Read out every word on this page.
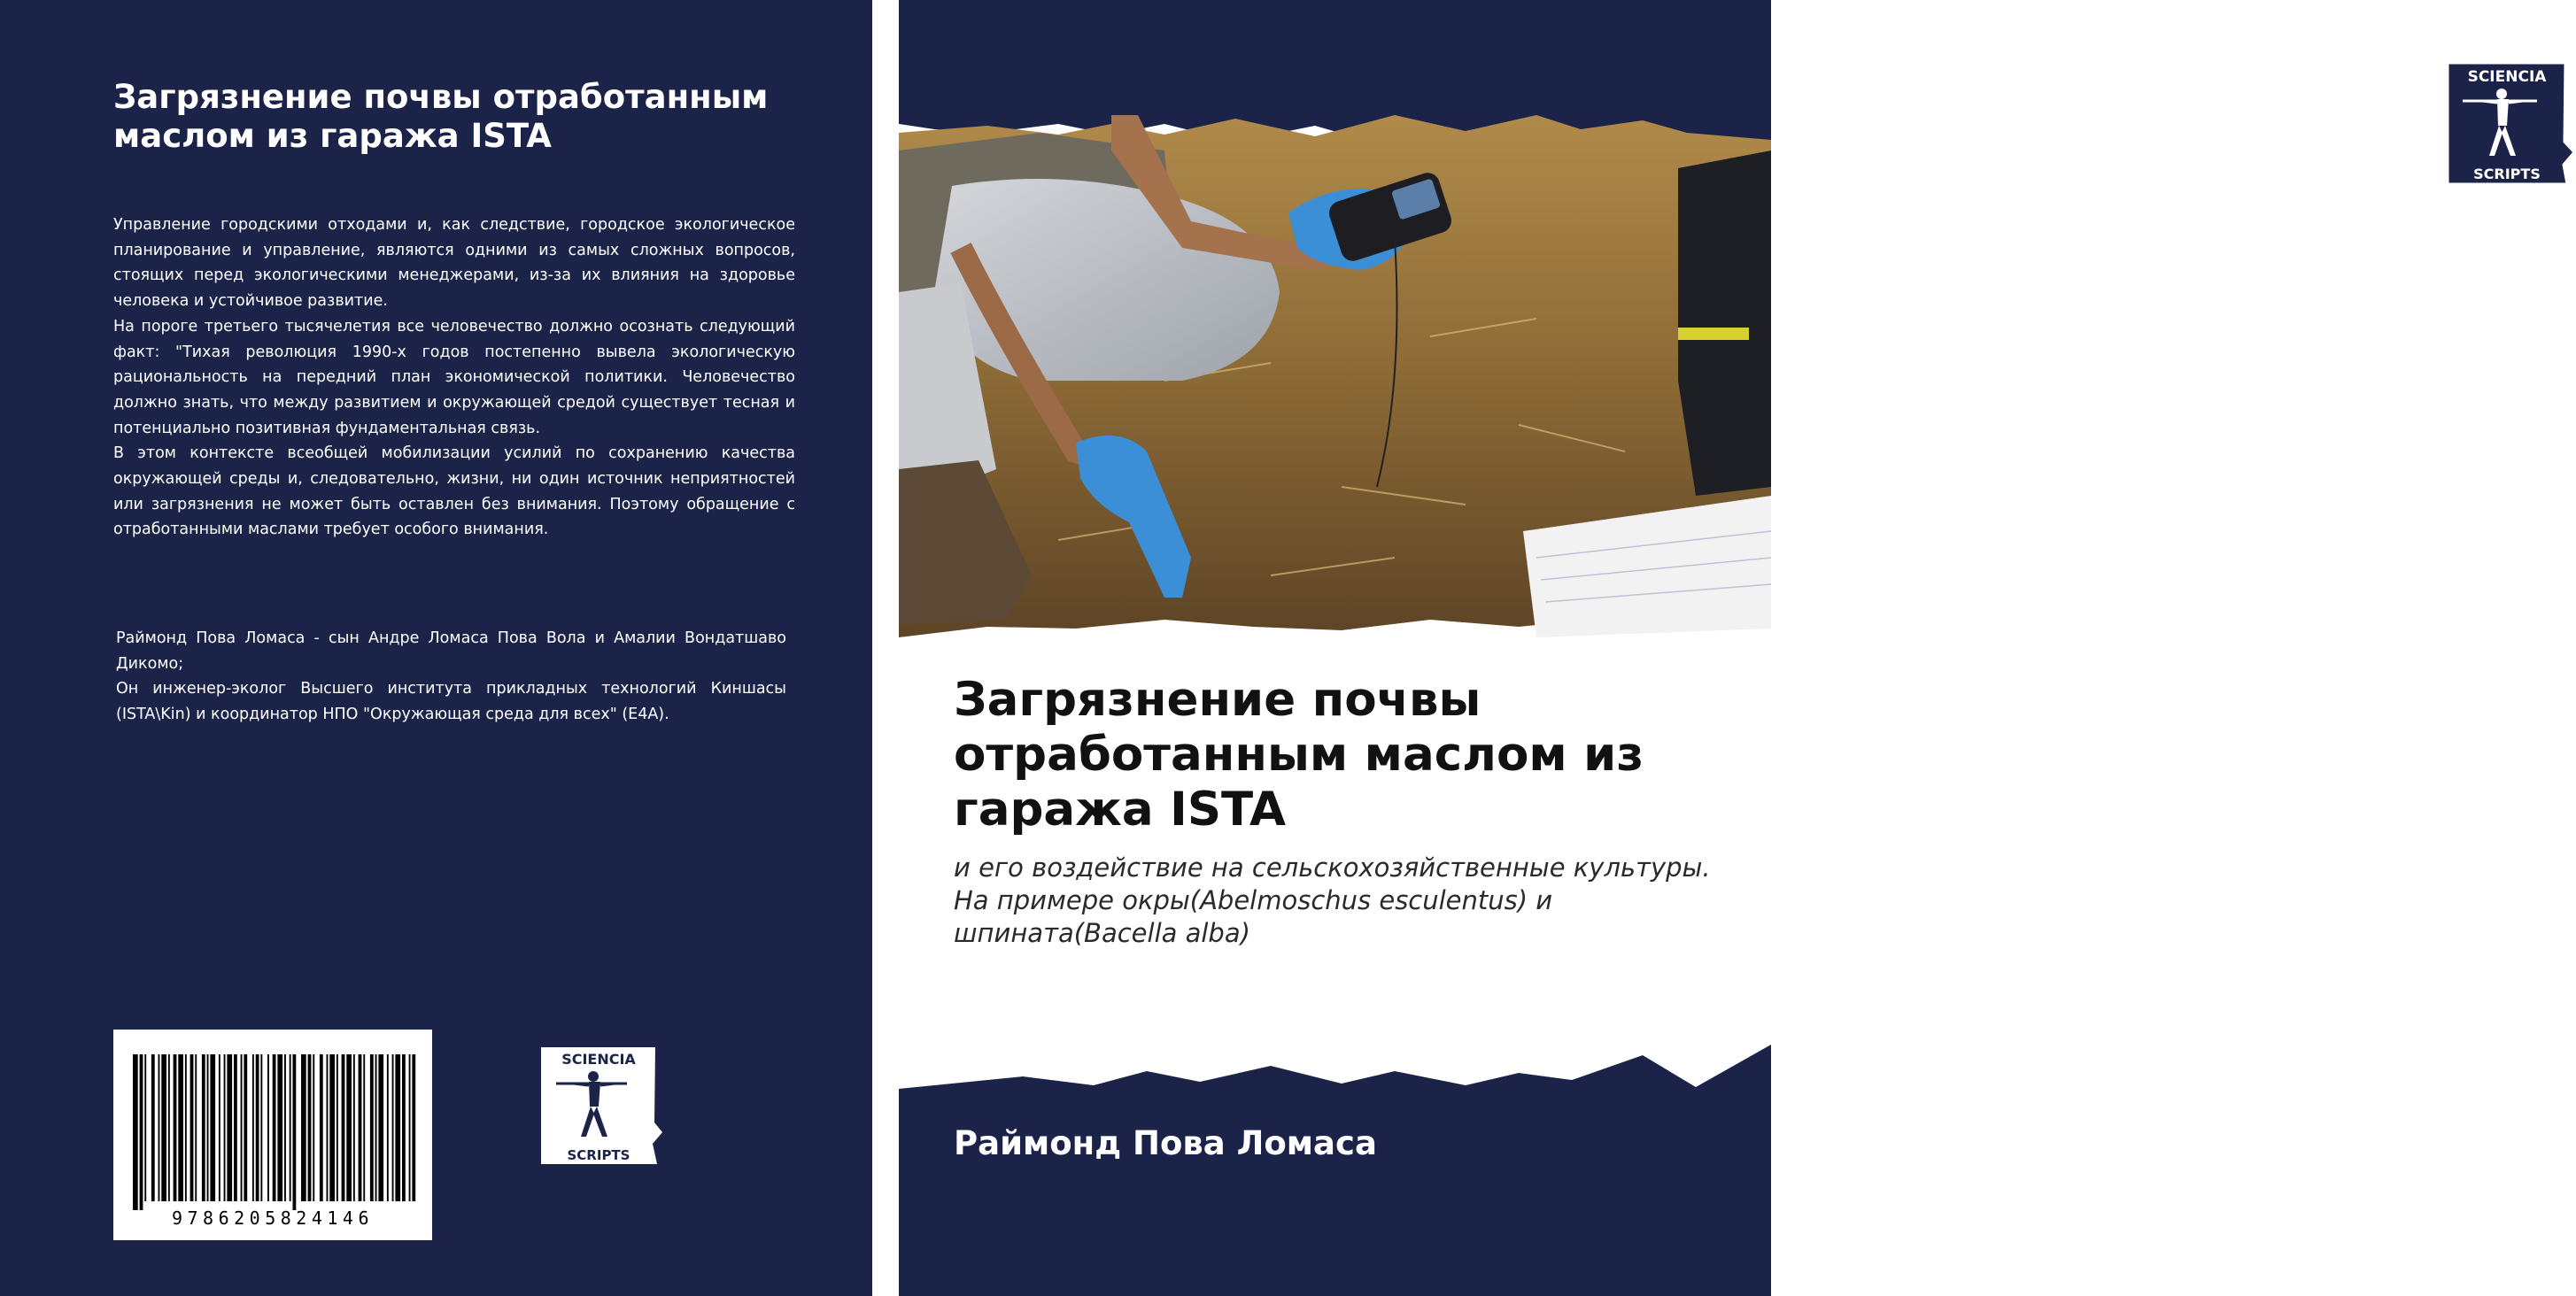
Загрязнение почвы отработанным маслом из гаража ISTA

Управление городскими отходами и, как следствие, городское экологическое планирование и управление, являются одними из самых сложных вопросов, стоящих перед экологическими менеджерами, из-за их влияния на здоровье человека и устойчивое развитие.

На пороге третьего тысячелетия все человечество должно осознать следующий факт: "Тихая революция 1990-х годов постепенно вывела экологическую рациональность на передний план экономической политики. Человечество должно знать, что между развитием и окружающей средой существует тесная и потенциально позитивная фундаментальная связь.

В этом контексте всеобщей мобилизации усилий по сохранению качества окружающей среды и, следовательно, жизни, ни один источник неприятностей или загрязнения не может быть оставлен без внимания. Поэтому обращение с отработанными маслами требует особого внимания.

Раймонд Пова Ломаса - сын Андре Ломаса Пова Вола и Амалии Вондатшаво Дикомо;

Он инженер-эколог Высшего института прикладных технологий Киншасы (ISTA\Kin) и координатор НПО "Окружающая среда для всех" (E4A).

9786205824146
SCIENCIA
SCRIPTS
Загрязнение почвы отработанным маслом из гаража ISTA
и его воздействие на сельскохозяйственные культуры. На примере окры(Abelmoschus esculentus) и шпината(Bacella alba)
Раймонд Пова Ломаса
SCIENCIA
SCRIPTS
